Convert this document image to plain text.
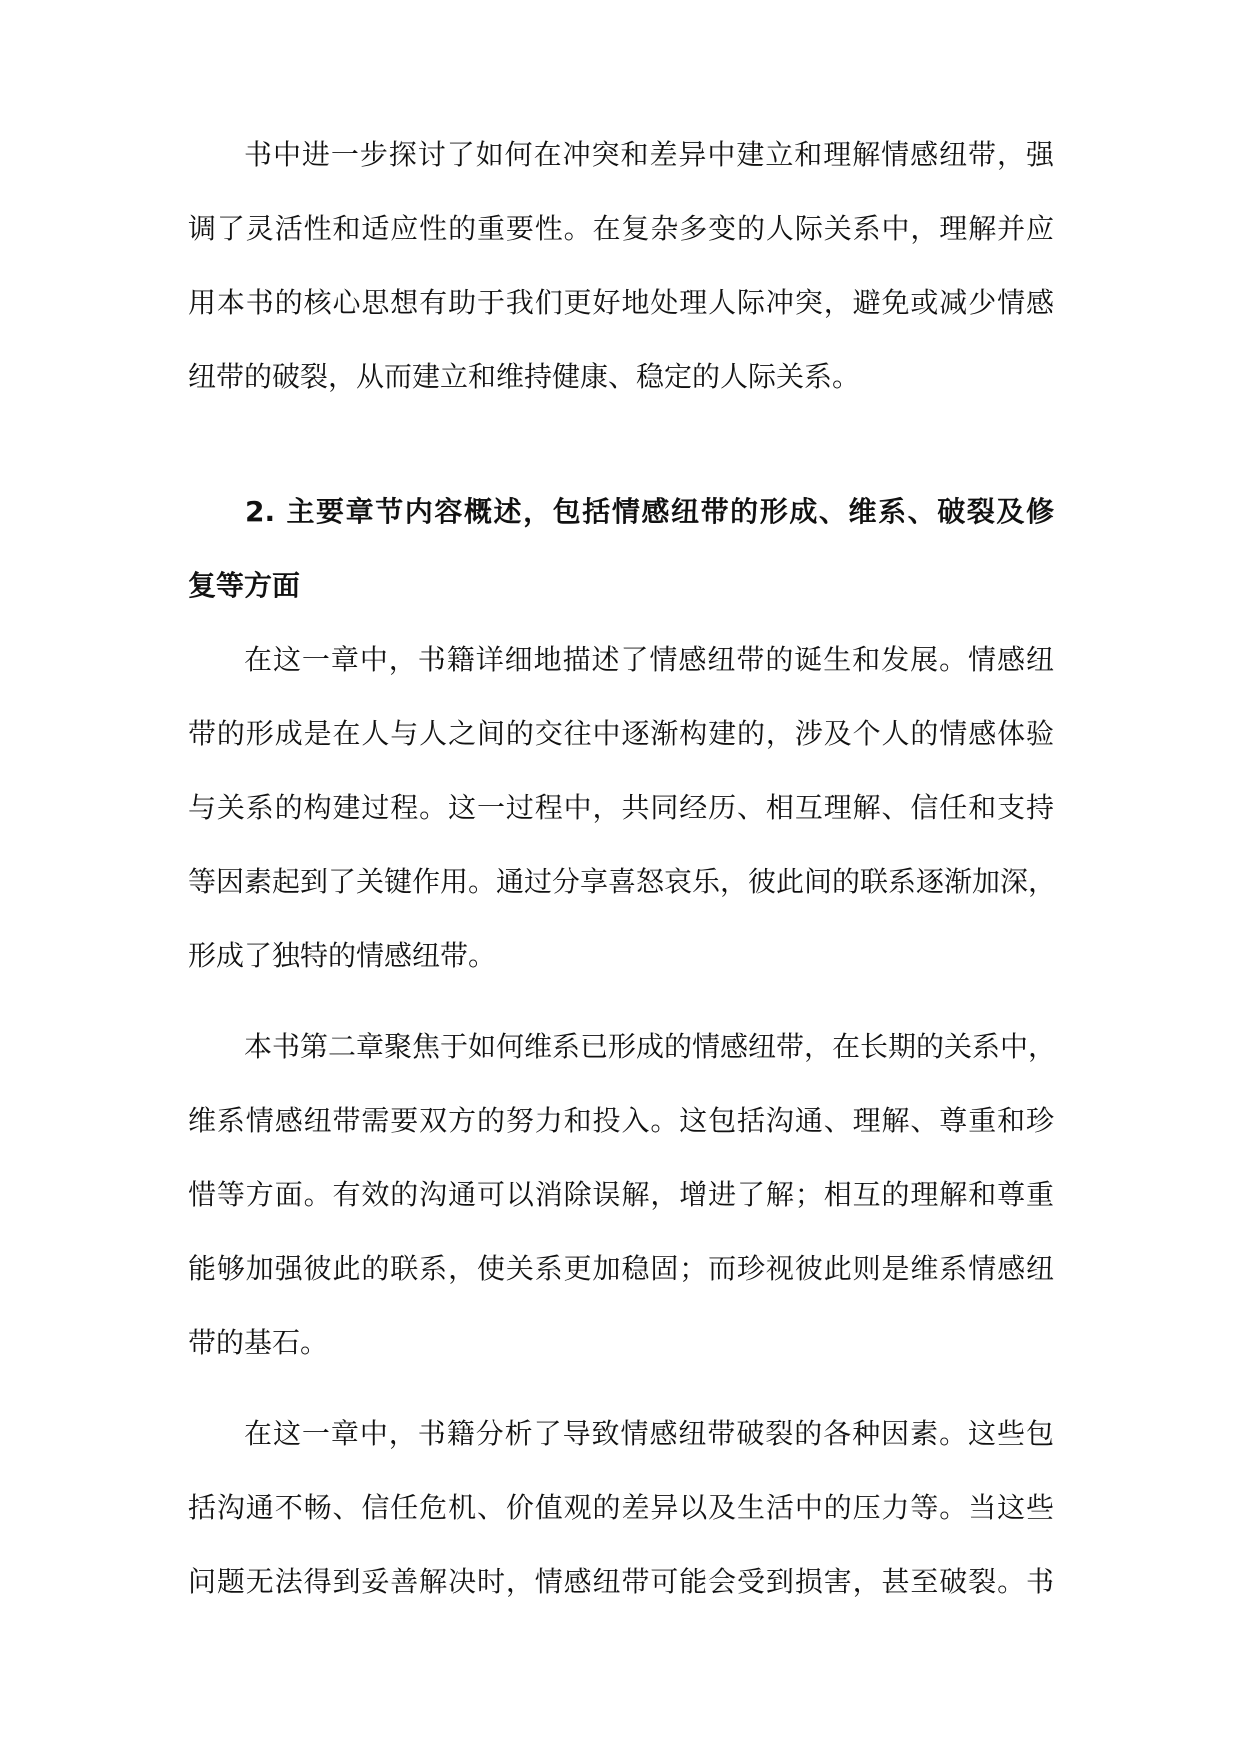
书中进一步探讨了如何在冲突和差异中建立和理解情感纽带，强
调了灵活性和适应性的重要性。在复杂多变的人际关系中，理解并应
用本书的核心思想有助于我们更好地处理人际冲突，避免或减少情感
纽带的破裂，从而建立和维持健康、稳定的人际关系。
2. 主要章节内容概述，包括情感纽带的形成、维系、破裂及修
复等方面
在这一章中，书籍详细地描述了情感纽带的诞生和发展。情感纽
带的形成是在人与人之间的交往中逐渐构建的，涉及个人的情感体验
与关系的构建过程。这一过程中，共同经历、相互理解、信任和支持
等因素起到了关键作用。通过分享喜怒哀乐，彼此间的联系逐渐加深，
形成了独特的情感纽带。
本书第二章聚焦于如何维系已形成的情感纽带，在长期的关系中，
维系情感纽带需要双方的努力和投入。这包括沟通、理解、尊重和珍
惜等方面。有效的沟通可以消除误解，增进了解；相互的理解和尊重
能够加强彼此的联系，使关系更加稳固；而珍视彼此则是维系情感纽
带的基石。
在这一章中，书籍分析了导致情感纽带破裂的各种因素。这些包
括沟通不畅、信任危机、价值观的差异以及生活中的压力等。当这些
问题无法得到妥善解决时，情感纽带可能会受到损害，甚至破裂。书
